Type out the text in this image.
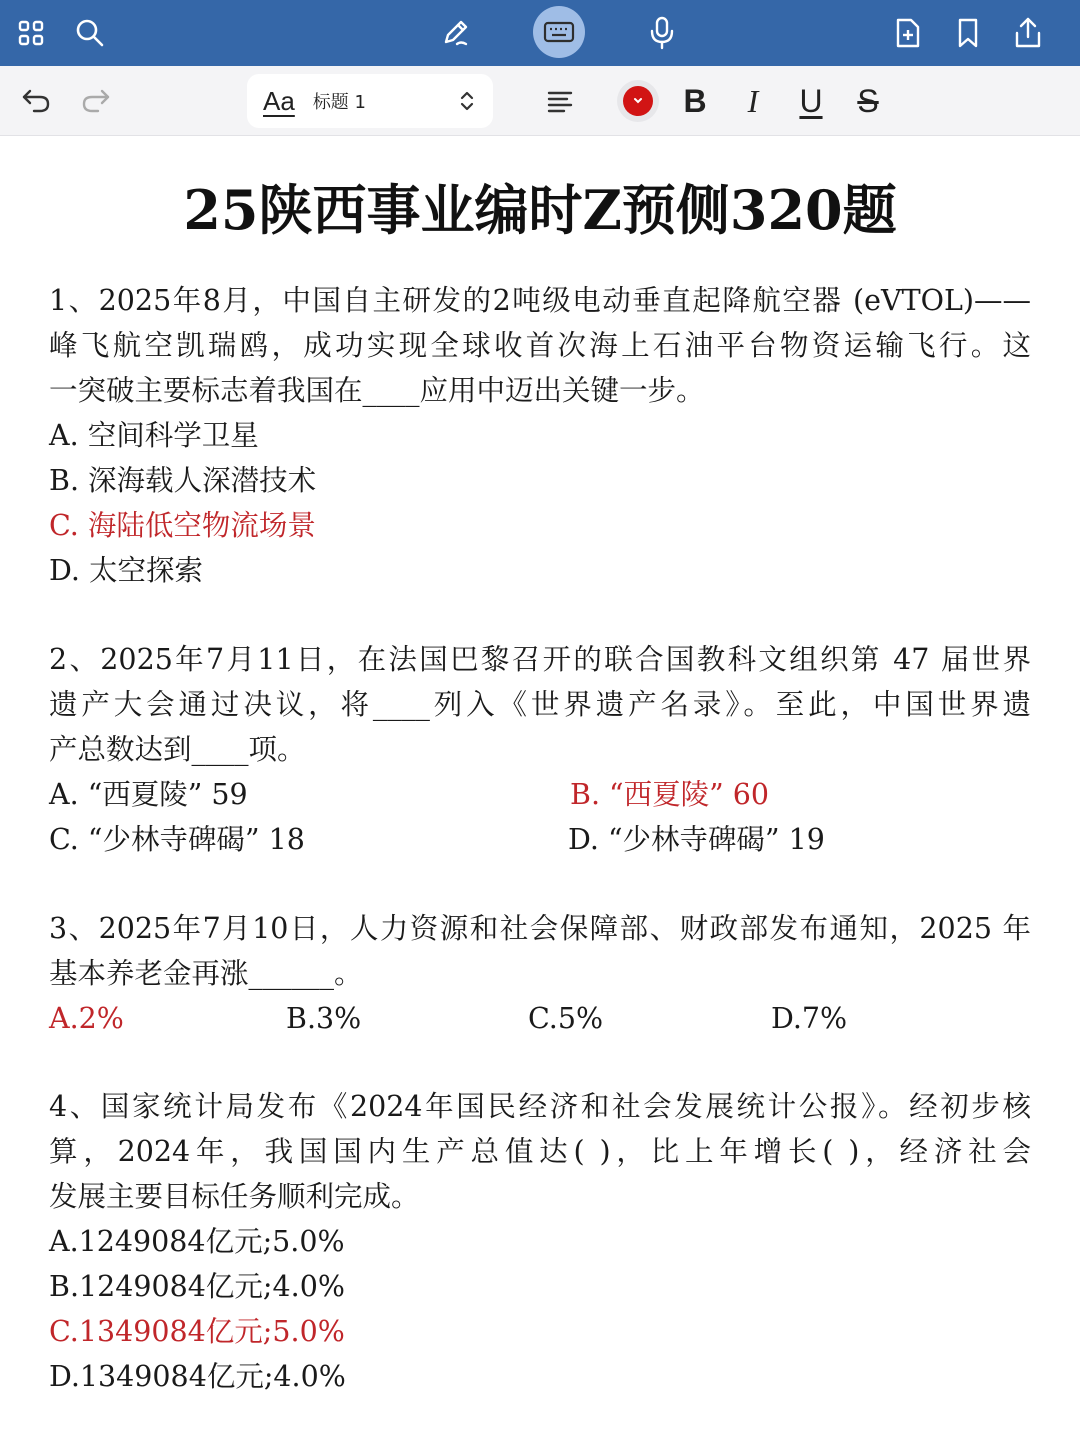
Aa 标题 1	B	I	U S
25陕西事业编时Z预侧320题
1、2025年8月，中国自主研发的2吨级电动垂直起降航空器 (eVTOL)——
峰飞航空凯瑞鸥，成功实现全球收首次海上石油平台物资运输飞行。这
一突破主要标志着我国在____应用中迈出关键一步。
A. 空间科学卫星
B. 深海载人深潜技术
C. 海陆低空物流场景
D. 太空探索
2、2025年7月11日，在法国巴黎召开的联合国教科文组织第 47 届世界
遗产大会通过决议，将____列入《世界遗产名录》。至此，中国世界遗
产总数达到____项。
A. “西夏陵” 59	B. “西夏陵” 60
C. “少林寺碑碣” 18	D. “少林寺碑碣” 19
3、2025年7月10日，人力资源和社会保障部、财政部发布通知，2025 年
基本养老金再涨______。
A.2%	B.3%	C.5%	D.7%
4、国家统计局发布《2024年国民经济和社会发展统计公报》。经初步核
算，2024年，我国国内生产总值达( )，比上年增长( )，经济社会
发展主要目标任务顺利完成。
A.1249084亿元;5.0%
B.1249084亿元;4.0%
C.1349084亿元;5.0%
D.1349084亿元;4.0%
